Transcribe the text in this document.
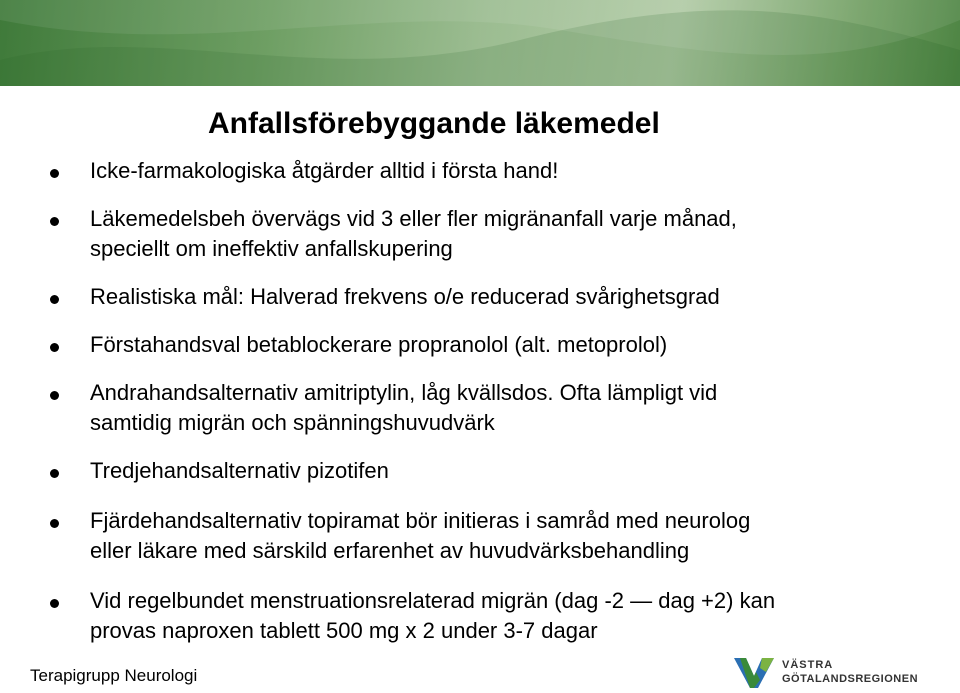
Anfallsförebyggande läkemedel
Icke-farmakologiska åtgärder alltid i första hand!
Läkemedelsbeh övervägs vid 3 eller fler migränanfall varje månad,
speciellt om ineffektiv anfallskupering
Realistiska mål: Halverad frekvens o/e reducerad svårighetsgrad
Förstahandsval betablockerare propranolol (alt. metoprolol)
Andrahandsalternativ amitriptylin, låg kvällsdos. Ofta lämpligt vid
samtidig migrän och spänningshuvudvärk
Tredjehandsalternativ pizotifen
Fjärdehandsalternativ topiramat bör initieras i samråd med neurolog
eller läkare med särskild erfarenhet av huvudvärksbehandling
Vid regelbundet menstruationsrelaterad migrän (dag -2 — dag +2) kan
provas naproxen tablett 500 mg x 2 under 3-7 dagar
Terapigrupp Neurologi
VÄSTRA
GÖTALANDSREGIONEN
